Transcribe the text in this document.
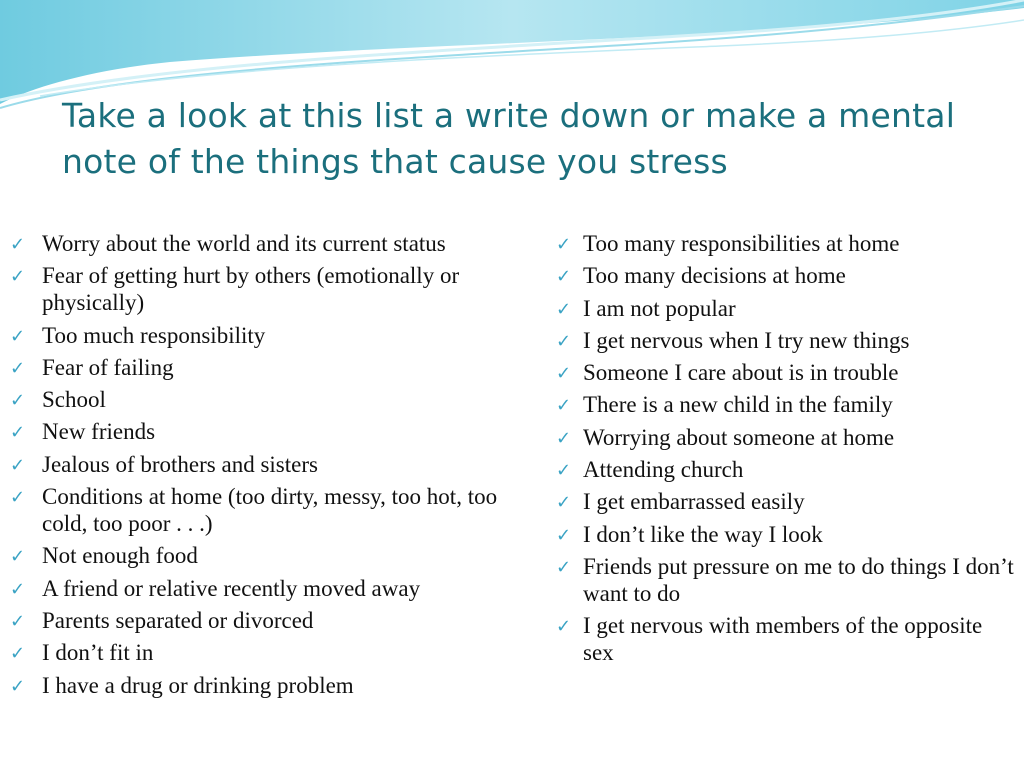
Take a look at this list a write down or make a mental note of the things that cause you stress
✓ Worry about the world and its current status
✓ Fear of getting hurt by others (emotionally or physically)
✓ Too much responsibility
✓ Fear of failing
✓ School
✓ New friends
✓ Jealous of brothers and sisters
✓ Conditions at home (too dirty, messy, too hot, too cold, too poor . . .)
✓ Not enough food
✓ A friend or relative recently moved away
✓ Parents separated or divorced
✓ I don’t fit in
✓ I have a drug or drinking problem
✓ Too many responsibilities at home
✓ Too many decisions at home
✓ I am not popular
✓ I get nervous when I try new things
✓ Someone I care about is in trouble
✓ There is a new child in the family
✓ Worrying about someone at home
✓ Attending church
✓ I get embarrassed easily
✓ I don’t like the way I look
✓ Friends put pressure on me to do things I don’t want to do
✓ I get nervous with members of the opposite sex
